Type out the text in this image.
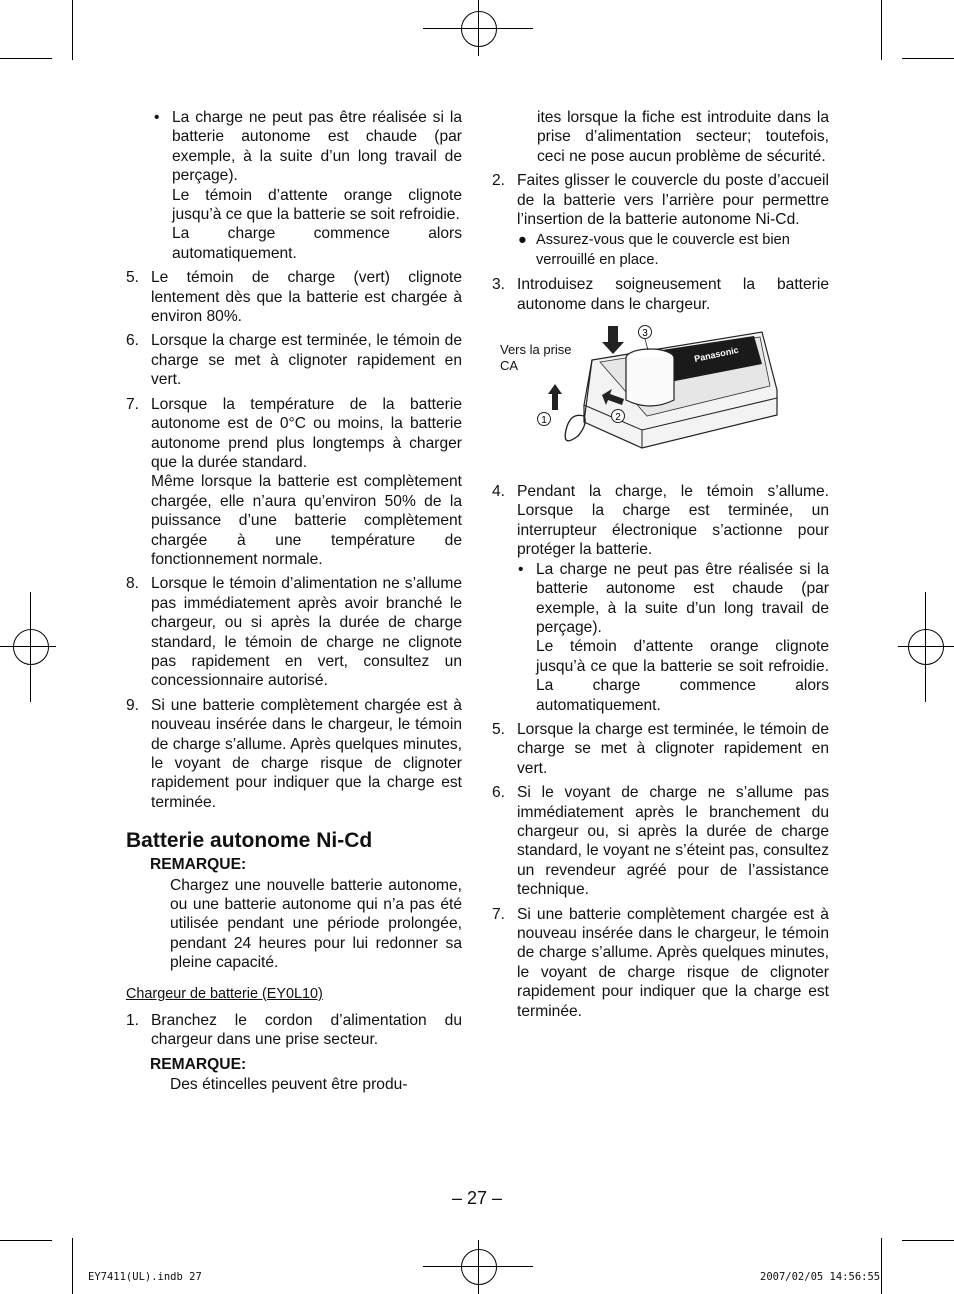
• La charge ne peut pas être réalisée si la batterie autonome est chaude (par exemple, à la suite d’un long travail de perçage).

Le témoin d’attente orange clignote jusqu’à ce que la batterie se soit refroidie.

La charge commence alors automatiquement.

5. Le témoin de charge (vert) clignote lentement dès que la batterie est chargée à environ 80%.

6. Lorsque la charge est terminée, le témoin de charge se met à clignoter rapidement en vert.

7. Lorsque la température de la batterie autonome est de 0°C ou moins, la batterie autonome prend plus longtemps à charger que la durée standard.

Même lorsque la batterie est complètement chargée, elle n’aura qu’environ 50% de la puissance d’une batterie complètement chargée à une température de fonctionnement normale.

8. Lorsque le témoin d’alimentation ne s’allume pas immédiatement après avoir branché le chargeur, ou si après la durée de charge standard, le témoin de charge ne clignote pas rapidement en vert, consultez un concessionnaire autorisé.

9. Si une batterie complètement chargée est à nouveau insérée dans le chargeur, le témoin de charge s’allume. Après quelques minutes, le voyant de charge risque de clignoter rapidement pour indiquer que la charge est terminée.

Batterie autonome Ni-Cd
REMARQUE:

Chargez une nouvelle batterie autonome, ou une batterie autonome qui n’a pas été utilisée pendant une période prolongée, pendant 24 heures pour lui redonner sa pleine capacité.

Chargeur de batterie (EY0L10)
1. Branchez le cordon d’alimentation du chargeur dans une prise secteur.

REMARQUE:

Des étincelles peuvent être produ-

ites lorsque la fiche est introduite dans la prise d’alimentation secteur; toutefois, ceci ne pose aucun problème de sécurité.

2. Faites glisser le couvercle du poste d’accueil de la batterie vers l’arrière pour permettre l’insertion de la batterie autonome Ni-Cd.

● Assurez-vous que le couvercle est bien verrouillé en place.

3. Introduisez soigneusement la batterie autonome dans le chargeur.

Vers la prise
CA
Panasonic
3
2
1
4. Pendant la charge, le témoin s’allume. Lorsque la charge est terminée, un interrupteur électronique s’actionne pour protéger la batterie.

• La charge ne peut pas être réalisée si la batterie autonome est chaude (par exemple, à la suite d’un long travail de perçage).

Le témoin d’attente orange clignote jusqu’à ce que la batterie se soit refroidie. La charge commence alors automatiquement.

5. Lorsque la charge est terminée, le témoin de charge se met à clignoter rapidement en vert.

6. Si le voyant de charge ne s’allume pas immédiatement après le branchement du chargeur ou, si après la durée de charge standard, le voyant ne s’éteint pas, consultez un revendeur agréé pour de l’assistance technique.

7. Si une batterie complètement chargée est à nouveau insérée dans le chargeur, le témoin de charge s’allume. Après quelques minutes, le voyant de charge risque de clignoter rapidement pour indiquer que la charge est terminée.

– 27 –
EY7411(UL).indb 27	2007/02/05 14:56:55
